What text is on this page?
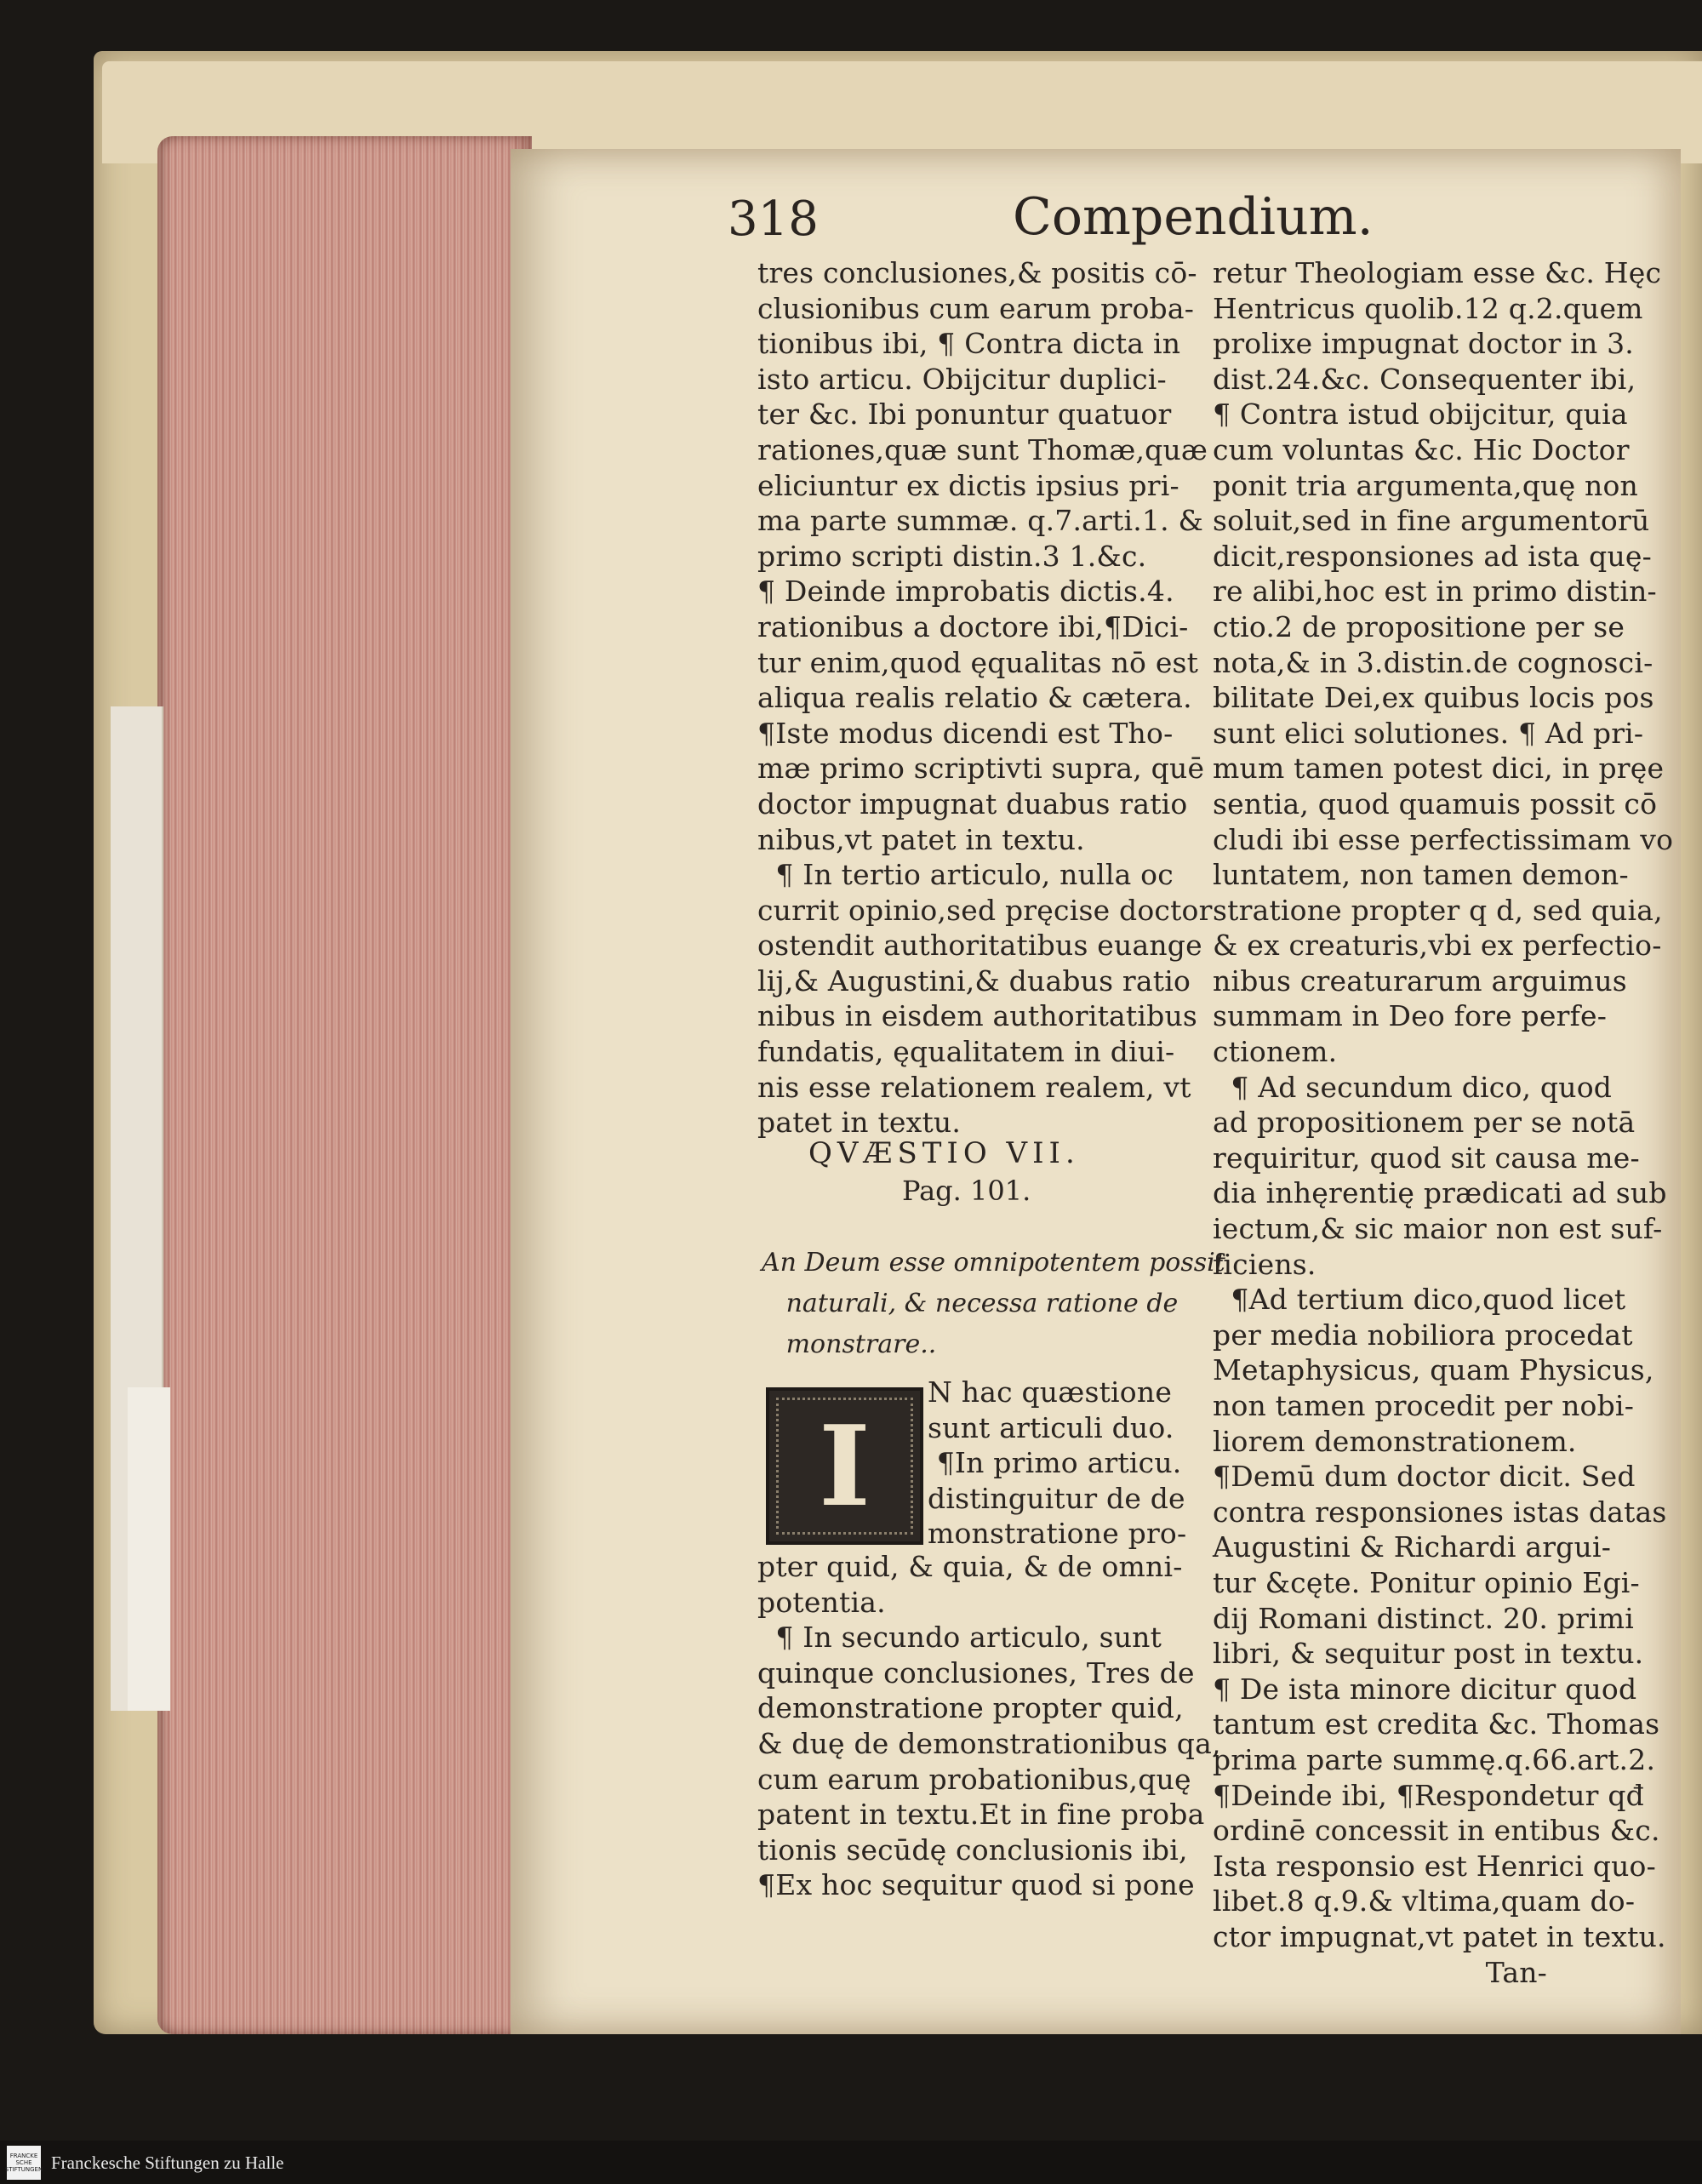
318	Compendium.
tres conclusiones,& positis cō-
clusionibus cum earum proba-
tionibus ibi, ¶ Contra dicta in
isto articu. Obijcitur duplici-
ter &c. Ibi ponuntur quatuor
rationes,quæ sunt Thomæ,quæ
eliciuntur ex dictis ipsius pri-
ma parte summæ. q.7.arti.1. &
primo scripti distin.3 1.&c.
¶ Deinde improbatis dictis.4.
rationibus a doctore ibi,¶Dici-
tur enim,quod ęqualitas nō est
aliqua realis relatio & cætera.
¶Iste modus dicendi est Tho-
mæ primo scriptivti supra, quē
doctor impugnat duabus ratio
nibus,vt patet in textu.
¶ In tertio articulo, nulla oc
currit opinio,sed pręcise doctor
ostendit authoritatibus euange
lij,& Augustini,& duabus ratio
nibus in eisdem authoritatibus
fundatis, ęqualitatem in diui-
nis esse relationem realem, vt
patet in textu.
QVÆSTIO VII.
Pag. 101.
An Deum esse omnipotentem possit
naturali, & necessa ratione de
monstrare..
I
N hac quæstione
sunt articuli duo.
¶In primo articu.
distinguitur de de
monstratione pro-
pter quid, & quia, & de omni-
potentia.
¶ In secundo articulo, sunt
quinque conclusiones, Tres de
demonstratione propter quid,
& duę de demonstrationibus qa,
cum earum probationibus,quę
patent in textu.Et in fine proba
tionis secūdę conclusionis ibi,
¶Ex hoc sequitur quod si pone
retur Theologiam esse &c. Hęc
Hentricus quolib.12 q.2.quem
prolixe impugnat doctor in 3.
dist.24.&c. Consequenter ibi,
¶ Contra istud obijcitur, quia
cum voluntas &c. Hic Doctor
ponit tria argumenta,quę non
soluit,sed in fine argumentorū
dicit,responsiones ad ista quę-
re alibi,hoc est in primo distin-
ctio.2 de propositione per se
nota,& in 3.distin.de cognosci-
bilitate Dei,ex quibus locis pos
sunt elici solutiones. ¶ Ad pri-
mum tamen potest dici, in pręe
sentia, quod quamuis possit cō
cludi ibi esse perfectissimam vo
luntatem, non tamen demon-
stratione propter q d, sed quia,
& ex creaturis,vbi ex perfectio-
nibus creaturarum arguimus
summam in Deo fore perfe-
ctionem.
¶ Ad secundum dico, quod
ad propositionem per se notā
requiritur, quod sit causa me-
dia inhęrentię prædicati ad sub
iectum,& sic maior non est suf-
ficiens.
¶Ad tertium dico,quod licet
per media nobiliora procedat
Metaphysicus, quam Physicus,
non tamen procedit per nobi-
liorem demonstrationem.
¶Demū dum doctor dicit. Sed
contra responsiones istas datas
Augustini & Richardi argui-
tur &cęte. Ponitur opinio Egi-
dij Romani distinct. 20. primi
libri, & sequitur post in textu.
¶ De ista minore dicitur quod
tantum est credita &c. Thomas
prima parte summę.q.66.art.2.
¶Deinde ibi, ¶Respondetur qđ
ordinē concessit in entibus &c.
Ista responsio est Henrici quo-
libet.8 q.9.& vltima,quam do-
ctor impugnat,vt patet in textu.
Tan-
FRANCKE
SCHE
STIFTUNGEN Franckesche Stiftungen zu Halle
